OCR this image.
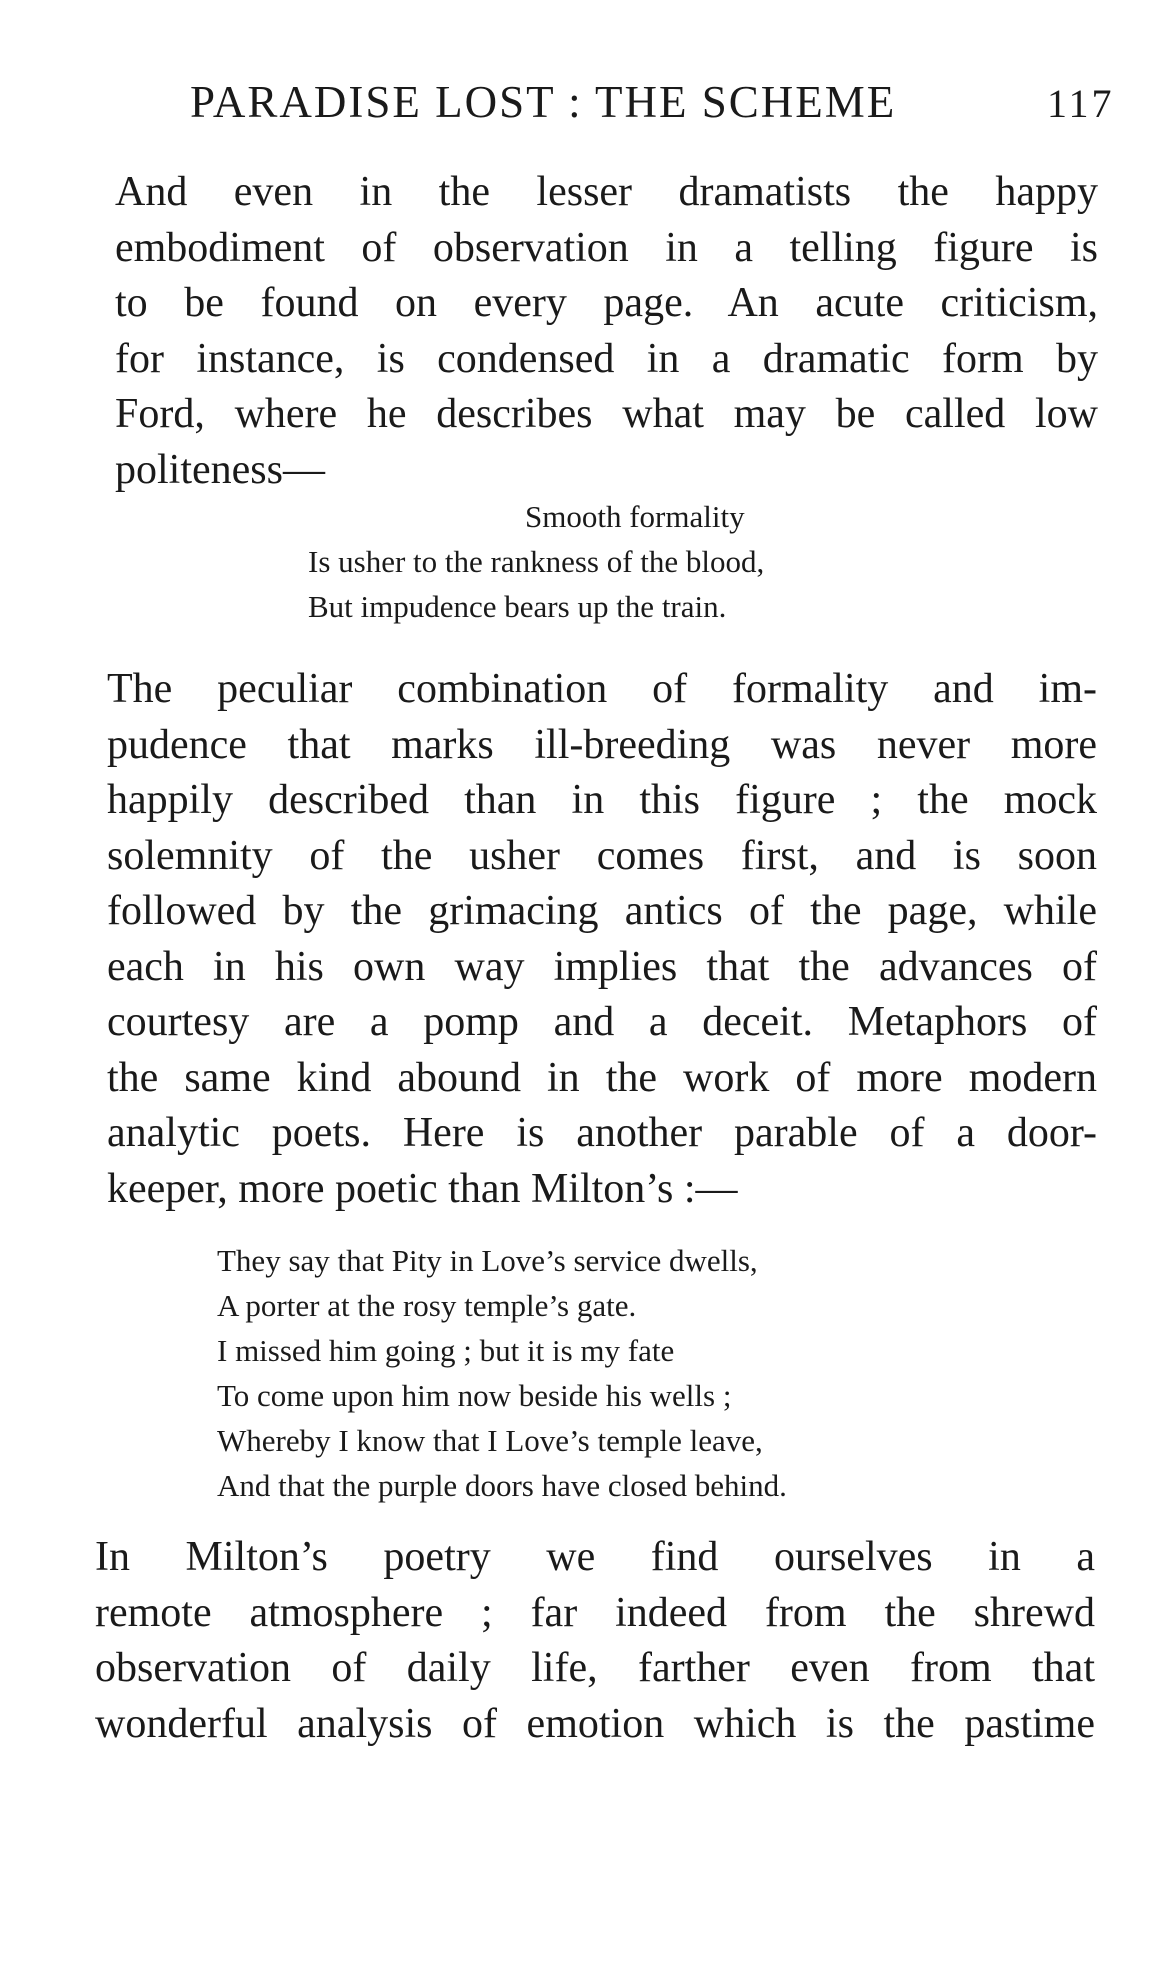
PARADISE LOST : THE SCHEME	117

And even in the lesser dramatists the happy
embodiment of observation in a telling figure is
to be found on every page. An acute criticism,
for instance, is condensed in a dramatic form by
Ford, where he describes what may be called low
politeness—

Smooth formality
Is usher to the rankness of the blood,
But impudence bears up the train.

The peculiar combination of formality and im-
pudence that marks ill-breeding was never more
happily described than in this figure ; the mock
solemnity of the usher comes first, and is soon
followed by the grimacing antics of the page, while
each in his own way implies that the advances of
courtesy are a pomp and a deceit. Metaphors of
the same kind abound in the work of more modern
analytic poets. Here is another parable of a door-
keeper, more poetic than Milton’s :—

They say that Pity in Love’s service dwells,
A porter at the rosy temple’s gate.
I missed him going ; but it is my fate
To come upon him now beside his wells ;
Whereby I know that I Love’s temple leave,
And that the purple doors have closed behind.

In Milton’s poetry we find ourselves in a
remote atmosphere ; far indeed from the shrewd
observation of daily life, farther even from that
wonderful analysis of emotion which is the pastime
